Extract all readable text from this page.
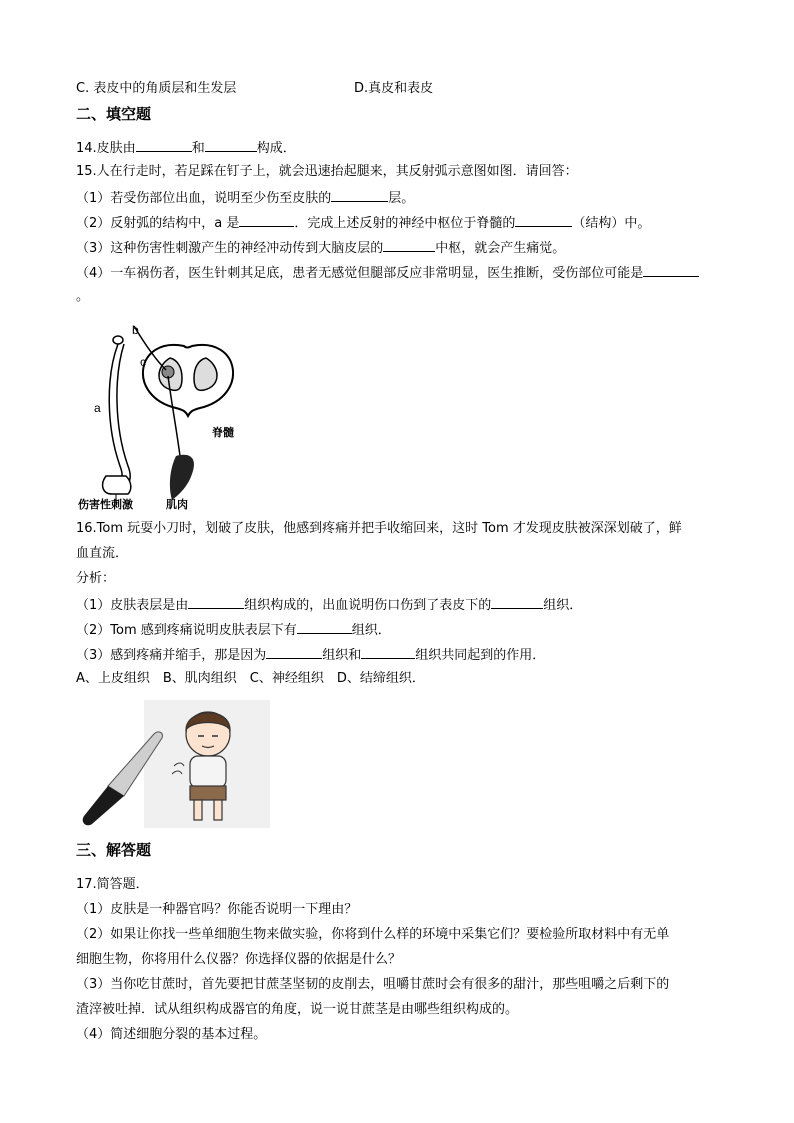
C. 表皮中的角质层和生发层	D.真皮和表皮
二、填空题
14.皮肤由	和	构成．
15.人在行走时，若足踩在钉子上，就会迅速抬起腿来，其反射弧示意图如图．请回答：
（1）若受伤部位出血，说明至少伤至皮肤的	层。
（2）反射弧的结构中，a 是	．完成上述反射的神经中枢位于脊髓的	（结构）中。
（3）这种伤害性刺激产生的神经冲动传到大脑皮层的	中枢，就会产生痛觉。
（4）一车祸伤者，医生针刺其足底，患者无感觉但腿部反应非常明显，医生推断，受伤部位可能是
。
a
b
c
脊髓
伤害性刺激	肌肉
16.Tom 玩耍小刀时，划破了皮肤，他感到疼痛并把手收缩回来，这时 Tom 才发现皮肤被深深划破了，鲜
血直流．
分析：
（1）皮肤表层是由	组织构成的，出血说明伤口伤到了表皮下的	组织．
（2）Tom 感到疼痛说明皮肤表层下有	组织．
（3）感到疼痛并缩手，那是因为	组织和	组织共同起到的作用．
A、上皮组织　B、肌肉组织　C、神经组织　D、结缔组织．
三、解答题
17.简答题．
（1）皮肤是一种器官吗？你能否说明一下理由？
（2）如果让你找一些单细胞生物来做实验，你将到什么样的环境中采集它们？要检验所取材料中有无单
细胞生物，你将用什么仪器？你选择仪器的依据是什么？
（3）当你吃甘蔗时，首先要把甘蔗茎坚韧的皮削去，咀嚼甘蔗时会有很多的甜汁，那些咀嚼之后剩下的
渣滓被吐掉．试从组织构成器官的角度，说一说甘蔗茎是由哪些组织构成的。
（4）简述细胞分裂的基本过程。
